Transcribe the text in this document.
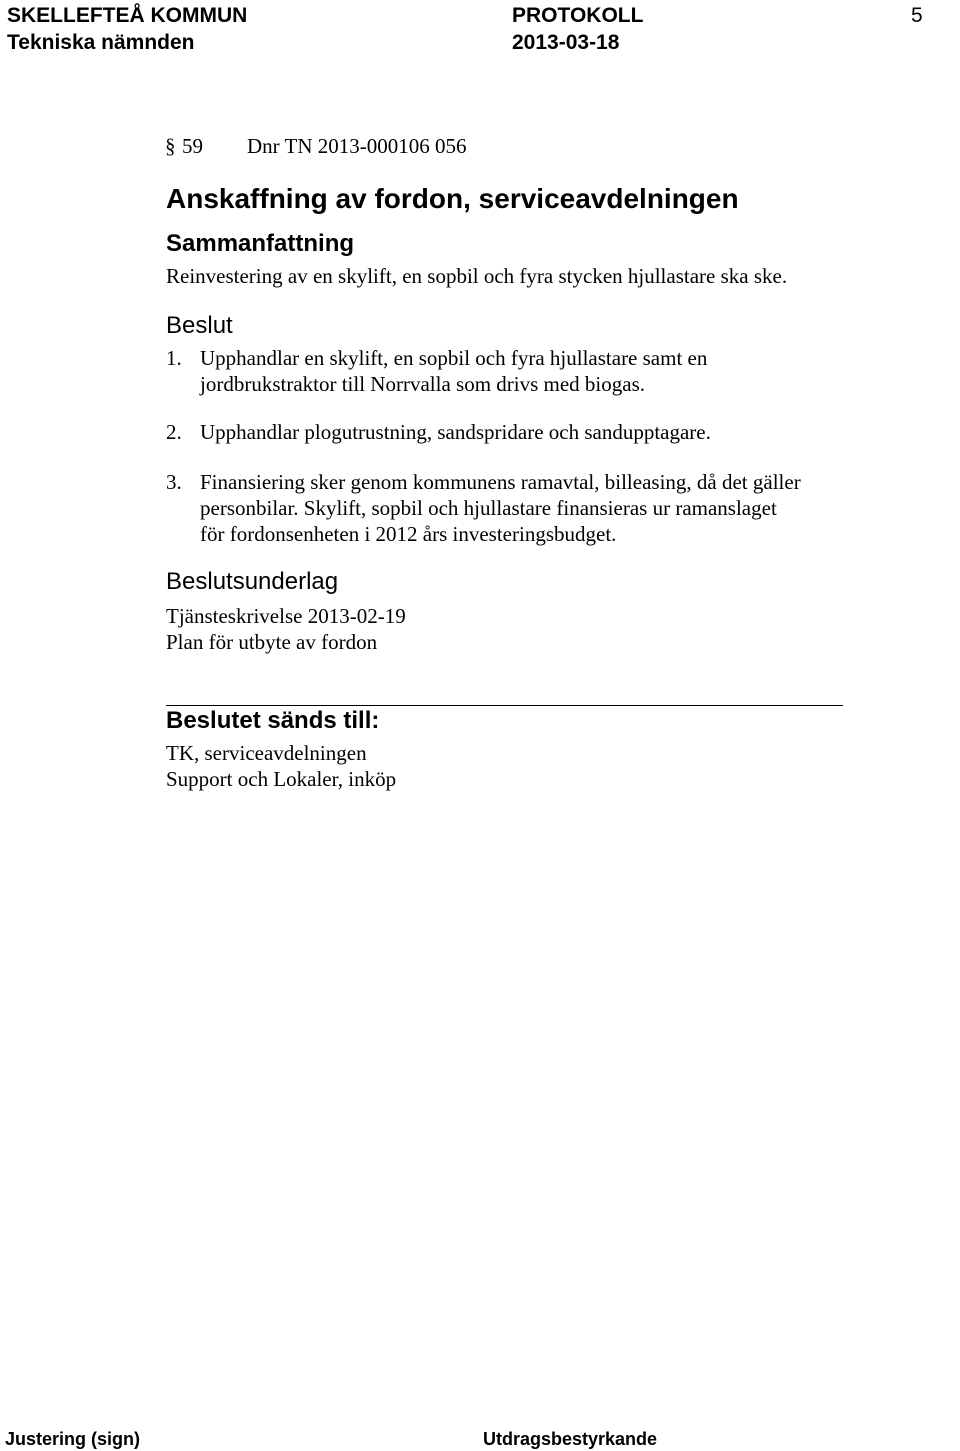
SKELLEFTEÅ KOMMUN
Tekniska nämnden
PROTOKOLL
2013-03-18
5
§ 59 Dnr TN 2013-000106 056
Anskaffning av fordon, serviceavdelningen
Sammanfattning
Reinvestering av en skylift, en sopbil och fyra stycken hjullastare ska ske.
Beslut
1. Upphandlar en skylift, en sopbil och fyra hjullastare samt en
jordbrukstraktor till Norrvalla som drivs med biogas.
2. Upphandlar plogutrustning, sandspridare och sandupptagare.
3. Finansiering sker genom kommunens ramavtal, billeasing, då det gäller
personbilar. Skylift, sopbil och hjullastare finansieras ur ramanslaget
för fordonsenheten i 2012 års investeringsbudget.
Beslutsunderlag
Tjänsteskrivelse 2013-02-19
Plan för utbyte av fordon
Beslutet sänds till:
TK, serviceavdelningen
Support och Lokaler, inköp
Justering (sign)	Utdragsbestyrkande
